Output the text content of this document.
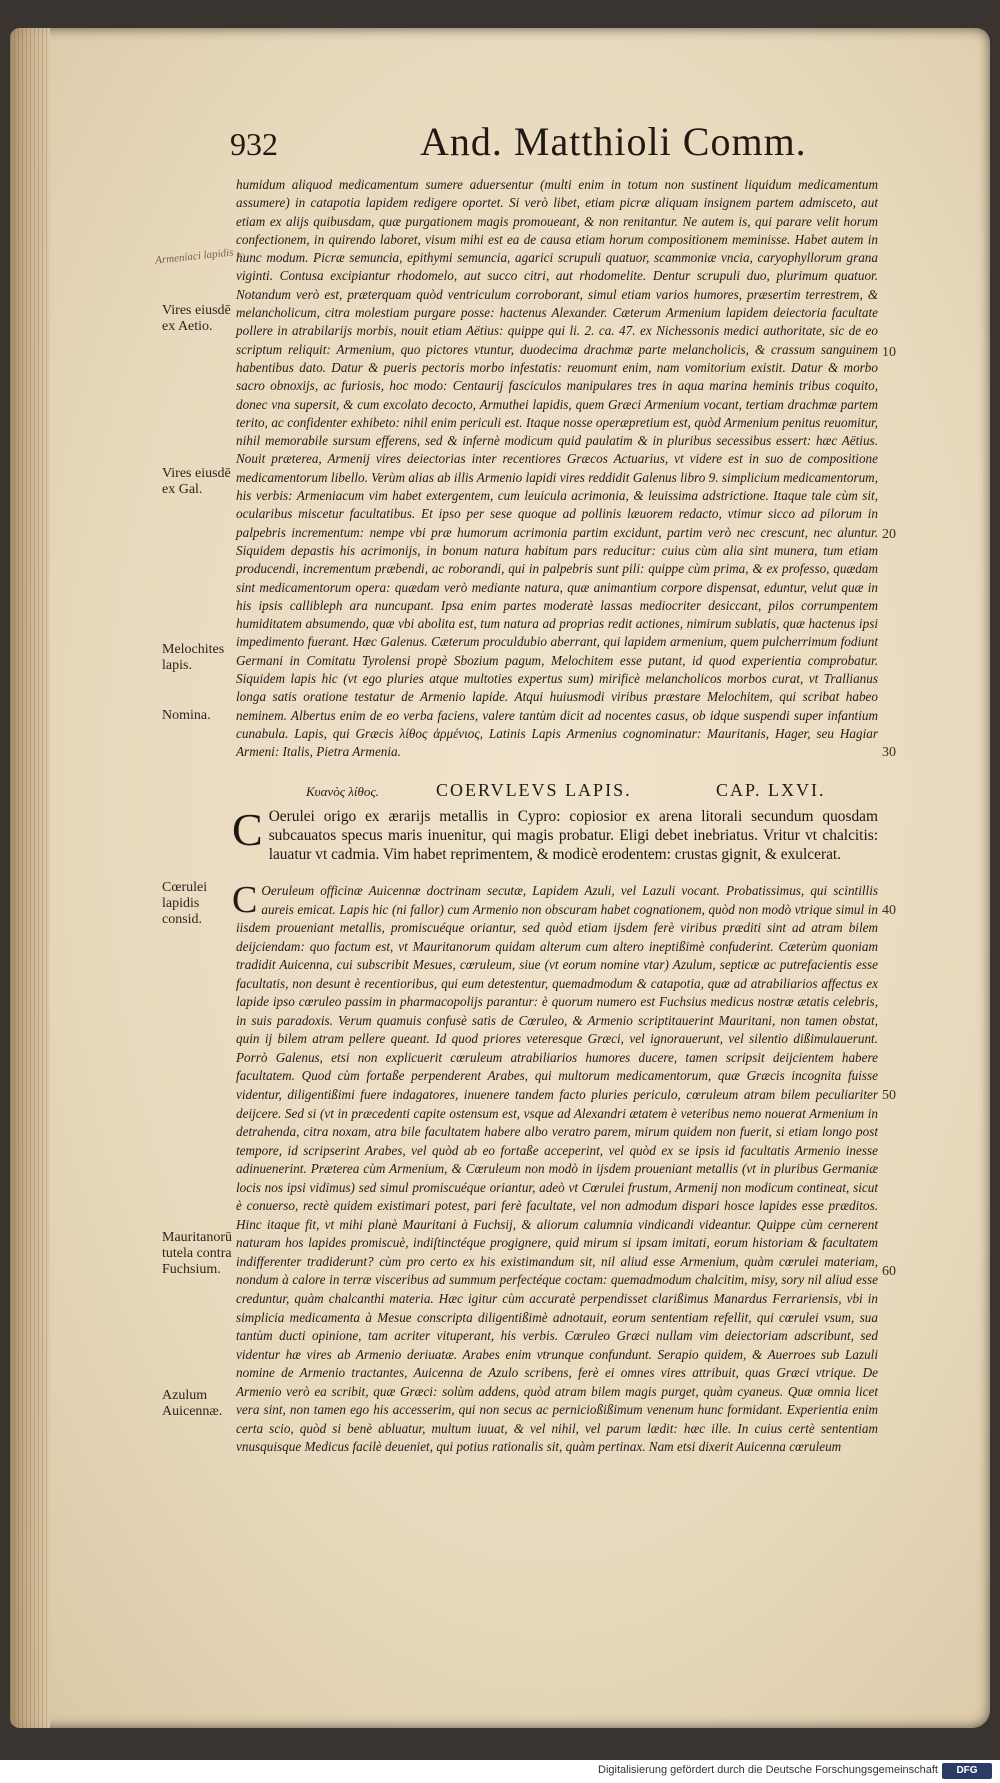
932	And. Matthioli Comm.
Armeniaci lapidis ...
Vires eiusdē ex Aetio.
Vires eiusdē ex Gal.
Melochites lapis.
Nomina.
Cœrulei lapidis consid.
Mauritanorū tutela contra Fuchsium.
Azulum Auicennæ.
10
20
30
40
50
60

humidum aliquod medicamentum sumere aduersentur (multi enim in totum non sustinent liquidum medicamentum assumere) in catapotia lapidem redigere oportet. Si verò libet, etiam picræ aliquam insignem partem admisceto, aut etiam ex alijs quibusdam, quæ purgationem magis promoueant, & non renitantur. Ne autem is, qui parare velit horum confectionem, in quirendo laboret, visum mihi est ea de causa etiam horum compositionem meminisse. Habet autem in hunc modum. Picræ semuncia, epithymi semuncia, agarici scrupuli quatuor, scammoniæ vncia, caryophyllorum grana viginti. Contusa excipiantur rhodomelo, aut succo citri, aut rhodomelite. Dentur scrupuli duo, plurimum quatuor. Notandum verò est, præterquam quòd ventriculum corroborant, simul etiam varios humores, præsertim terrestrem, & melancholicum, citra molestiam purgare posse: hactenus Alexander. Cæterum Armenium lapidem deiectoria facultate pollere in atrabilarijs morbis, nouit etiam Aëtius: quippe qui li. 2. ca. 47. ex Nichessonis medici authoritate, sic de eo scriptum reliquit: Armenium, quo pictores vtuntur, duodecima drachmæ parte melancholicis, & crassum sanguinem habentibus dato. Datur & pueris pectoris morbo infestatis: reuomunt enim, nam vomitorium existit. Datur & morbo sacro obnoxijs, ac furiosis, hoc modo: Centaurij fasciculos manipulares tres in aqua marina heminis tribus coquito, donec vna supersit, & cum excolato decocto, Armuthei lapidis, quem Græci Armenium vocant, tertiam drachmæ partem terito, ac confidenter exhibeto: nihil enim periculi est. Itaque nosse operæpretium est, quòd Armenium penitus reuomitur, nihil memorabile sursum efferens, sed & infernè modicum quid paulatim & in pluribus secessibus essert: hæc Aëtius. Nouit præterea, Armenij vires deiectorias inter recentiores Græcos Actuarius, vt videre est in suo de compositione medicamentorum libello. Verùm alias ab illis Armenio lapidi vires reddidit Galenus libro 9. simplicium medicamentorum, his verbis: Armeniacum vim habet extergentem, cum leuicula acrimonia, & leuissima adstrictione. Itaque tale cùm sit, ocularibus miscetur facultatibus. Et ipso per sese quoque ad pollinis læuorem redacto, vtimur sicco ad pilorum in palpebris incrementum: nempe vbi præ humorum acrimonia partim excidunt, partim verò nec crescunt, nec aluntur. Siquidem depastis his acrimonijs, in bonum natura habitum pars reducitur: cuius cùm alia sint munera, tum etiam producendi, incrementum præbendi, ac roborandi, qui in palpebris sunt pili: quippe cùm prima, & ex professo, quædam sint medicamentorum opera: quædam verò mediante natura, quæ animantium corpore dispensat, eduntur, velut quæ in his ipsis callibleph ara nuncupant. Ipsa enim partes moderatè lassas mediocriter desiccant, pilos corrumpentem humiditatem absumendo, quæ vbi abolita est, tum natura ad proprias redit actiones, nimirum sublatis, quæ hactenus ipsi impedimento fuerant. Hæc Galenus. Cæterum proculdubio aberrant, qui lapidem armenium, quem pulcherrimum fodiunt Germani in Comitatu Tyrolensi propè Sbozium pagum, Melochitem esse putant, id quod experientia comprobatur. Siquidem lapis hic (vt ego pluries atque multoties expertus sum) mirificè melancholicos morbos curat, vt Trallianus longa satis oratione testatur de Armenio lapide. Atqui huiusmodi viribus præstare Melochitem, qui scribat habeo neminem. Albertus enim de eo verba faciens, valere tantùm dicit ad nocentes casus, ob idque suspendi super infantium cunabula. Lapis, qui Græcis λίθος ἀρμένιος, Latinis Lapis Armenius cognominatur: Mauritanis, Hager, seu Hagiar Armeni: Italis, Pietra Armenia.

Κυανὸς λίθος.	COERVLEVS LAPIS.	CAP. LXVI.
C Oerulei origo ex ærarijs metallis in Cypro: copiosior ex arena litorali secundum quosdam subcauatos specus maris inuenitur, qui magis probatur. Eligi debet inebriatus. Vritur vt chalcitis: lauatur vt cadmia. Vim habet reprimentem, & modicè erodentem: crustas gignit, & exulcerat.
C Oeruleum officinæ Auicennæ doctrinam secutæ, Lapidem Azuli, vel Lazuli vocant. Probatissimus, qui scintillis aureis emicat. Lapis hic (ni fallor) cum Armenio non obscuram habet cognationem, quòd non modò vtrique simul in iisdem proueniant metallis, promiscuéque oriantur, sed quòd etiam ijsdem ferè viribus præditi sint ad atram bilem deijciendam: quo factum est, vt Mauritanorum quidam alterum cum altero ineptißimè confuderint. Cæterùm quoniam tradidit Auicenna, cui subscribit Mesues, cœruleum, siue (vt eorum nomine vtar) Azulum, septicæ ac putrefacientis esse facultatis, non desunt è recentioribus, qui eum detestentur, quemadmodum & catapotia, quæ ad atrabiliarios affectus ex lapide ipso cœruleo passim in pharmacopolijs parantur: è quorum numero est Fuchsius medicus nostræ ætatis celebris, in suis paradoxis. Verum quamuis confusè satis de Cœruleo, & Armenio scriptitauerint Mauritani, non tamen obstat, quin ij bilem atram pellere queant. Id quod priores veteresque Græci, vel ignorauerunt, vel silentio dißimulauerunt. Porrò Galenus, etsi non explicuerit cœruleum atrabiliarios humores ducere, tamen scripsit deijcientem habere facultatem. Quod cùm fortaße perpenderent Arabes, qui multorum medicamentorum, quæ Græcis incognita fuisse videntur, diligentißimi fuere indagatores, inuenere tandem facto pluries periculo, cœruleum atram bilem peculiariter deijcere. Sed si (vt in præcedenti capite ostensum est, vsque ad Alexandri ætatem è veteribus nemo nouerat Armenium in detrahenda, citra noxam, atra bile facultatem habere albo veratro parem, mirum quidem non fuerit, si etiam longo post tempore, id scripserint Arabes, vel quòd ab eo fortaße acceperint, vel quòd ex se ipsis id facultatis Armenio inesse adinuenerint. Præterea cùm Armenium, & Cœruleum non modò in ijsdem proueniant metallis (vt in pluribus Germaniæ locis nos ipsi vidimus) sed simul promiscuéque oriantur, adeò vt Cœrulei frustum, Armenij non modicum contineat, sicut è conuerso, rectè quidem existimari potest, pari ferè facultate, vel non admodum dispari hosce lapides esse præditos. Hinc itaque fit, vt mihi planè Mauritani à Fuchsij, & aliorum calumnia vindicandi videantur. Quippe cùm cernerent naturam hos lapides promiscuè, indiſtinctéque progignere, quid mirum si ipsam imitati, eorum historiam & facultatem indifferenter tradiderunt? cùm pro certo ex his existimandum sit, nil aliud esse Armenium, quàm cœrulei materiam, nondum à calore in terræ visceribus ad summum perfectéque coctam: quemadmodum chalcitim, misy, sory nil aliud esse creduntur, quàm chalcanthi materia. Hæc igitur cùm accuratè perpendisset clarißimus Manardus Ferrariensis, vbi in simplicia medicamenta à Mesue conscripta diligentißimè adnotauit, eorum sententiam refellit, qui cœrulei vsum, sua tantùm ducti opinione, tam acriter vituperant, his verbis. Cœruleo Græci nullam vim deiectoriam adscribunt, sed videntur hæ vires ab Armenio deriuatæ. Arabes enim vtrunque confundunt. Serapio quidem, & Auerroes sub Lazuli nomine de Armenio tractantes, Auicenna de Azulo scribens, ferè ei omnes vires attribuit, quas Græci vtrique. De Armenio verò ea scribit, quæ Græci: solùm addens, quòd atram bilem magis purget, quàm cyaneus. Quæ omnia licet vera sint, non tamen ego his accesserim, qui non secus ac pernicioßißimum venenum hunc formidant. Experientia enim certa scio, quòd si benè abluatur, multum iuuat, & vel nihil, vel parum lædit: hæc ille. In cuius certè sententiam vnusquisque Medicus facilè deueniet, qui potius rationalis sit, quàm pertinax. Nam etsi dixerit Auicenna cœruleum
Digitalisierung gefördert durch die Deutsche Forschungsgemeinschaft	DFG
